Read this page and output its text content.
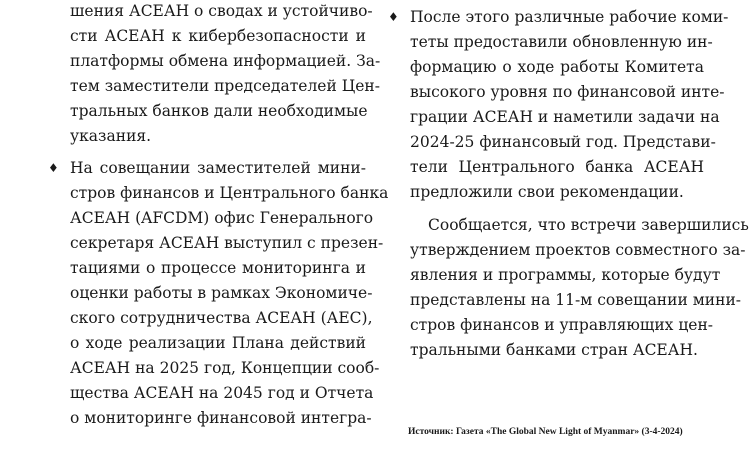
шения АСЕАН о сводах и устойчиво-
сти АСЕАН к кибербезопасности и
платформы обмена информацией. За-
тем заместители председателей Цен-
тральных банков дали необходимые
указания.
♦ На совещании заместителей мини-
стров финансов и Центрального банка
АСЕАН (AFCDM) офис Генерального
секретаря АСЕАН выступил с презен-
тациями о процессе мониторинга и
оценки работы в рамках Экономиче-
ского сотрудничества АСЕАН (АЕС),
о ходе реализации Плана действий
АСЕАН на 2025 год, Концепции сооб-
щества АСЕАН на 2045 год и Отчета
о мониторинге финансовой интегра-
♦ После этого различные рабочие коми-
теты предоставили обновленную ин-
формацию о ходе работы Комитета
высокого уровня по финансовой инте-
грации АСЕАН и наметили задачи на
2024-25 финансовый год. Представи-
тели Центрального банка АСЕАН
предложили свои рекомендации.
Сообщается, что встречи завершились
утверждением проектов совместного за-
явления и программы, которые будут
представлены на 11-м совещании мини-
стров финансов и управляющих цен-
тральными банками стран АСЕАН.
Источник: Газета «The Global New Light of Myanmar» (3-4-2024)
